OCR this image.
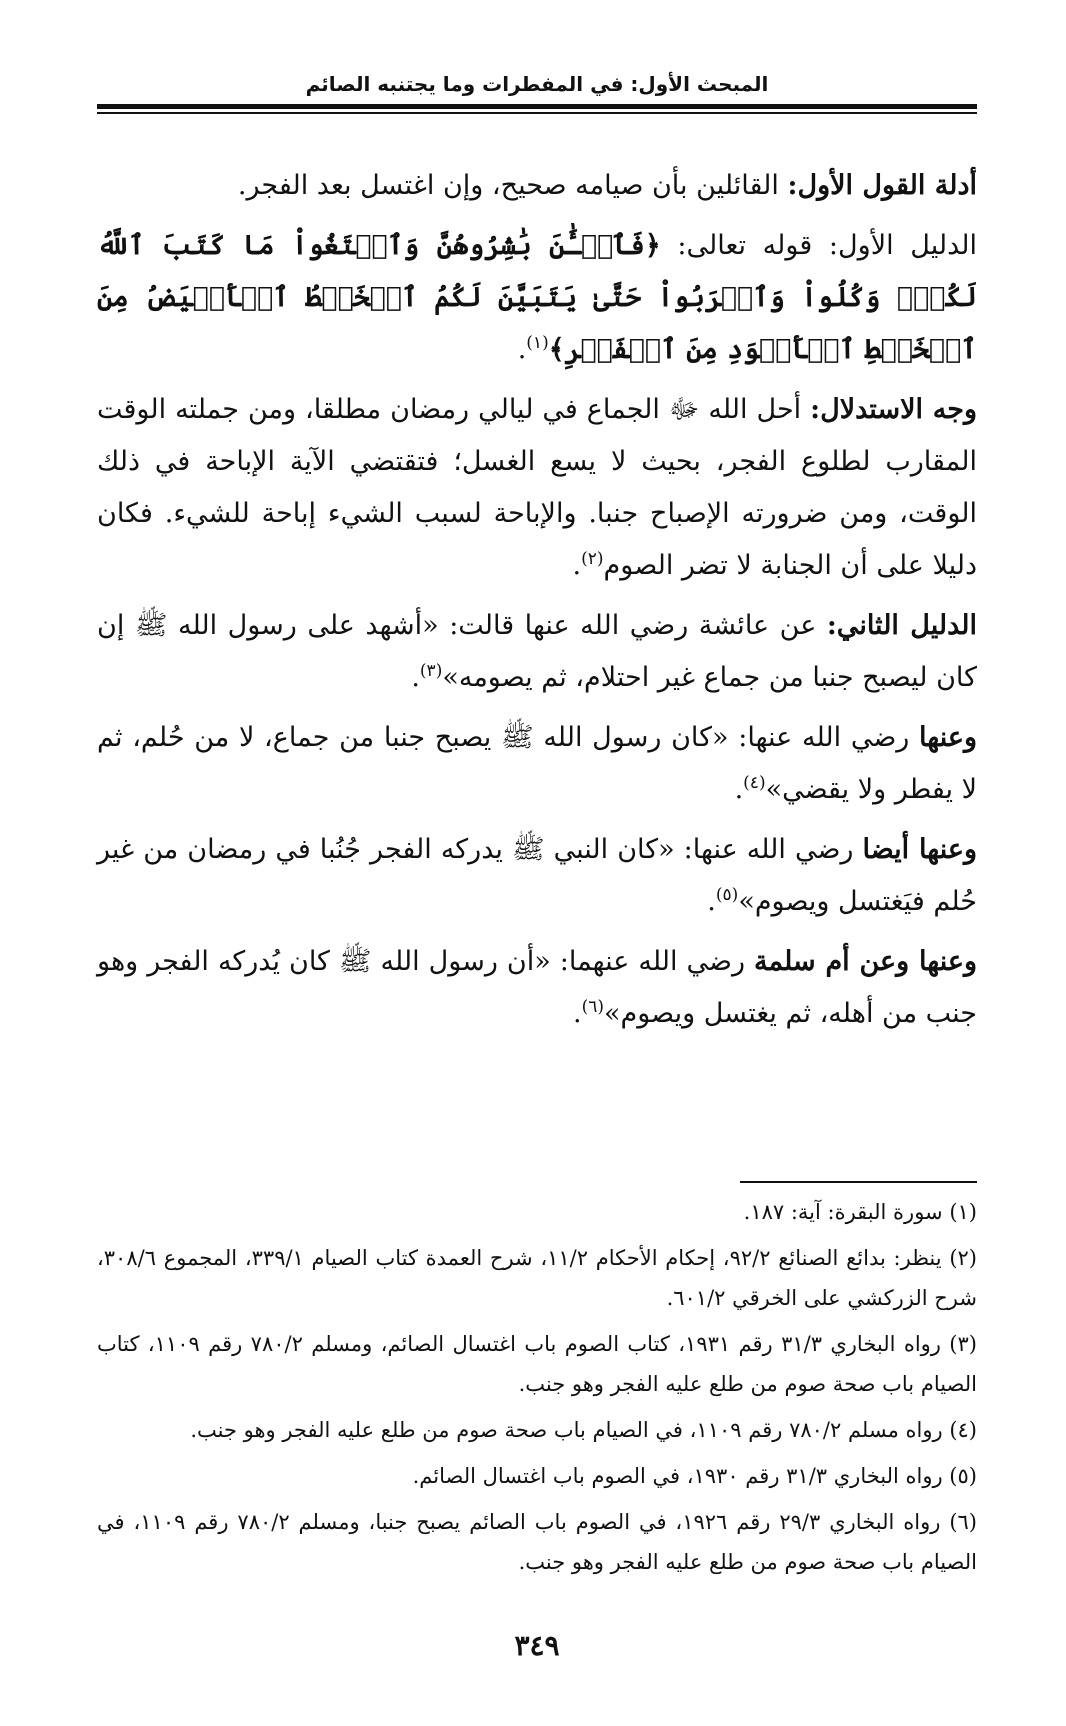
المبحث الأول: في المفطرات وما يجتنبه الصائم

أدلة القول الأول: القائلين بأن صيامه صحيح، وإن اغتسل بعد الفجر.

الدليل الأول: قوله تعالى: ﴿فَٱلۡـَٰٔنَ بَٰشِرُوهُنَّ وَٱبۡتَغُواْ مَا كَتَبَ ٱللَّهُ لَكُمۡۚ وَكُلُواْ وَٱشۡرَبُواْ حَتَّىٰ يَتَبَيَّنَ لَكُمُ ٱلۡخَيۡطُ ٱلۡأَبۡيَضُ مِنَ ٱلۡخَيۡطِ ٱلۡأَسۡوَدِ مِنَ ٱلۡفَجۡرِ﴾$^{(١)}$.

وجه الاستدلال: أحل الله ﷻ الجماع في ليالي رمضان مطلقا، ومن جملته الوقت المقارب لطلوع الفجر، بحيث لا يسع الغسل؛ فتقتضي الآية الإباحة في ذلك الوقت، ومن ضرورته الإصباح جنبا. والإباحة لسبب الشيء إباحة للشيء. فكان دليلا على أن الجنابة لا تضر الصوم$^{(٢)}$.

الدليل الثاني: عن عائشة رضي الله عنها قالت: «أشهد على رسول الله ﷺ إن كان ليصبح جنبا من جماع غير احتلام، ثم يصومه»$^{(٣)}$.

وعنها رضي الله عنها: «كان رسول الله ﷺ يصبح جنبا من جماع، لا من حُلم، ثم لا يفطر ولا يقضي»$^{(٤)}$.

وعنها أيضا رضي الله عنها: «كان النبي ﷺ يدركه الفجر جُنُبا في رمضان من غير حُلم فيَغتسل ويصوم»$^{(٥)}$.

وعنها وعن أم سلمة رضي الله عنهما: «أن رسول الله ﷺ كان يُدركه الفجر وهو جنب من أهله، ثم يغتسل ويصوم»$^{(٦)}$.

(١) سورة البقرة: آية: ١٨٧.

(٢) ينظر: بدائع الصنائع ٩٢/٢، إحكام الأحكام ١١/٢، شرح العمدة كتاب الصيام ٣٣٩/١، المجموع ٣٠٨/٦، شرح الزركشي على الخرقي ٦٠١/٢.

(٣) رواه البخاري ٣١/٣ رقم ١٩٣١، كتاب الصوم باب اغتسال الصائم، ومسلم ٧٨٠/٢ رقم ١١٠٩، كتاب الصيام باب صحة صوم من طلع عليه الفجر وهو جنب.

(٤) رواه مسلم ٧٨٠/٢ رقم ١١٠٩، في الصيام باب صحة صوم من طلع عليه الفجر وهو جنب.

(٥) رواه البخاري ٣١/٣ رقم ١٩٣٠، في الصوم باب اغتسال الصائم.

(٦) رواه البخاري ٢٩/٣ رقم ١٩٢٦، في الصوم باب الصائم يصبح جنبا، ومسلم ٧٨٠/٢ رقم ١١٠٩، في الصيام باب صحة صوم من طلع عليه الفجر وهو جنب.

٣٤٩
